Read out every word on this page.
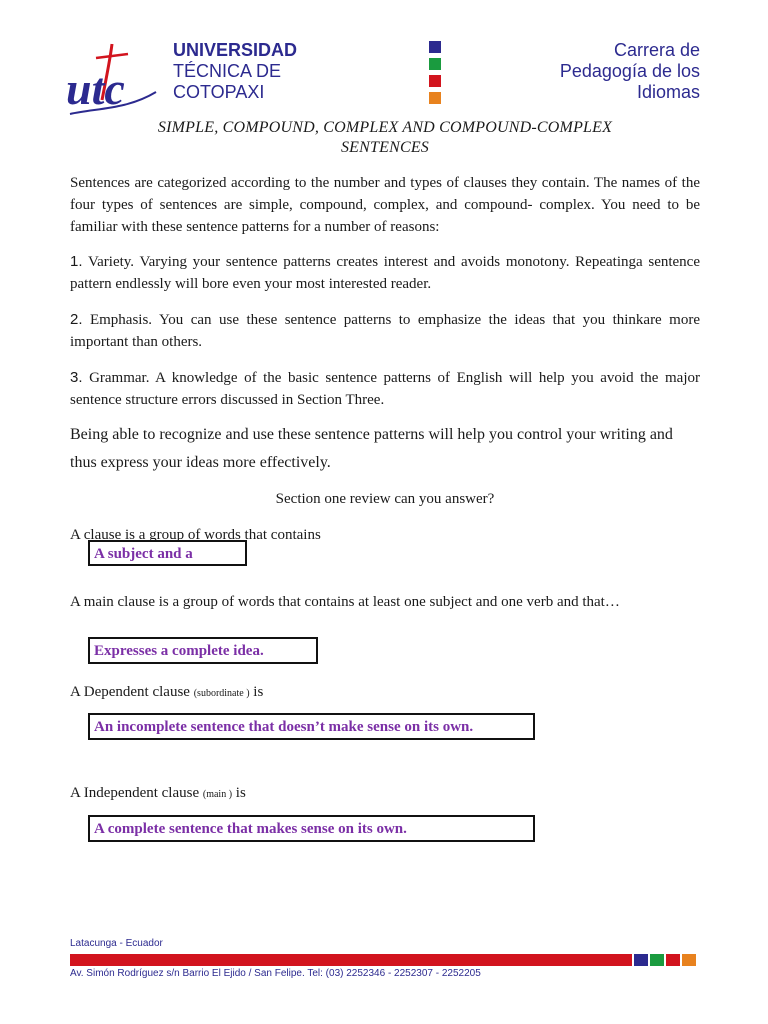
utc
UNIVERSIDAD
TÉCNICA DE
COTOPAXI
Carrera de
Pedagogía de los
Idiomas
SIMPLE, COMPOUND, COMPLEX AND COMPOUND-COMPLEX
SENTENCES

Sentences are categorized according to the number and types of clauses they contain. The names of the four types of sentences are simple, compound, complex, and compound- complex. You need to be familiar with these sentence patterns for a number of reasons:

1. Variety. Varying your sentence patterns creates interest and avoids monotony. Repeatinga sentence pattern endlessly will bore even your most interested reader.

2. Emphasis. You can use these sentence patterns to emphasize the ideas that you thinkare more important than others.

3. Grammar. A knowledge of the basic sentence patterns of English will help you avoid the major sentence structure errors discussed in Section Three.

Being able to recognize and use these sentence patterns will help you control your writing and thus express your ideas more effectively.

Section one review can you answer?
A clause is a group of words that contains
A subject and a
A main clause is a group of words that contains at least one subject and one verb and that…
Expresses a complete idea.
A Dependent clause (subordinate ) is
An incomplete sentence that doesn’t make sense on its own.
A Independent clause (main ) is
A complete sentence that makes sense on its own.
Latacunga - Ecuador
Av. Simón Rodríguez s/n Barrio El Ejido / San Felipe. Tel: (03) 2252346 - 2252307 - 2252205
